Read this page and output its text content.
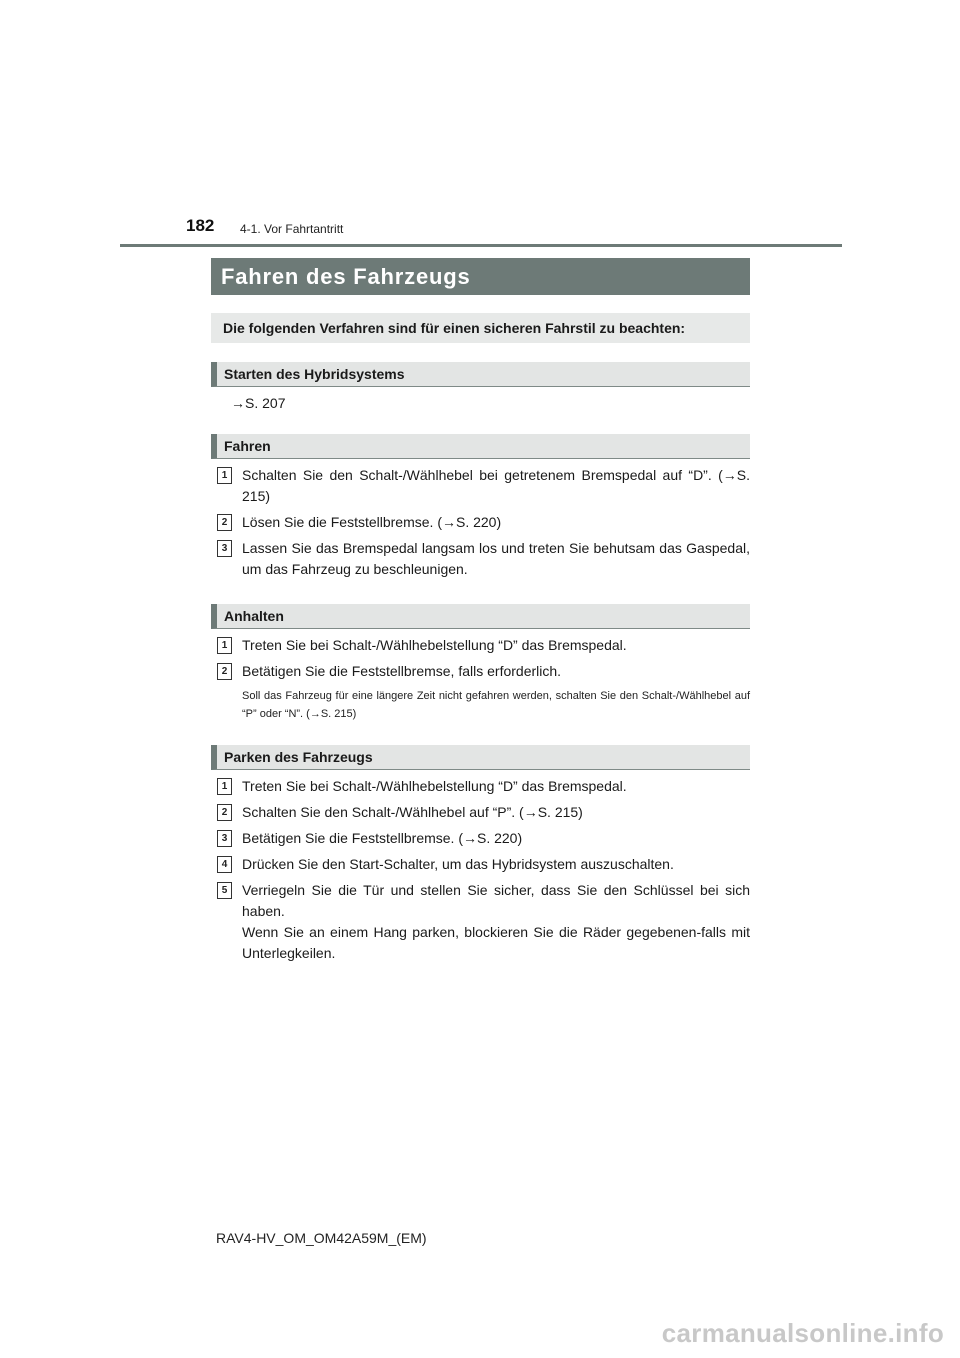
182 4-1. Vor Fahrtantritt
Fahren des Fahrzeugs
Die folgenden Verfahren sind für einen sicheren Fahrstil zu beachten:
Starten des Hybridsystems
→S. 207
Fahren
1	Schalten Sie den Schalt-/Wählhebel bei getretenem Bremspedal auf “D”. (→S. 215)
2	Lösen Sie die Feststellbremse. (→S. 220)
3	Lassen Sie das Bremspedal langsam los und treten Sie behutsam das Gaspedal, um das Fahrzeug zu beschleunigen.
Anhalten
1	Treten Sie bei Schalt-/Wählhebelstellung “D” das Bremspedal.
2	Betätigen Sie die Feststellbremse, falls erforderlich.
Soll das Fahrzeug für eine längere Zeit nicht gefahren werden, schalten Sie den Schalt-/Wählhebel auf “P” oder “N”. (→S. 215)
Parken des Fahrzeugs
1	Treten Sie bei Schalt-/Wählhebelstellung “D” das Bremspedal.
2	Schalten Sie den Schalt-/Wählhebel auf “P”. (→S. 215)
3	Betätigen Sie die Feststellbremse. (→S. 220)
4	Drücken Sie den Start-Schalter, um das Hybridsystem auszuschalten.
5	Verriegeln Sie die Tür und stellen Sie sicher, dass Sie den Schlüssel bei sich haben.
Wenn Sie an einem Hang parken, blockieren Sie die Räder gegebenen-falls mit Unterlegkeilen.
RAV4-HV_OM_OM42A59M_(EM)
carmanualsonline.info
